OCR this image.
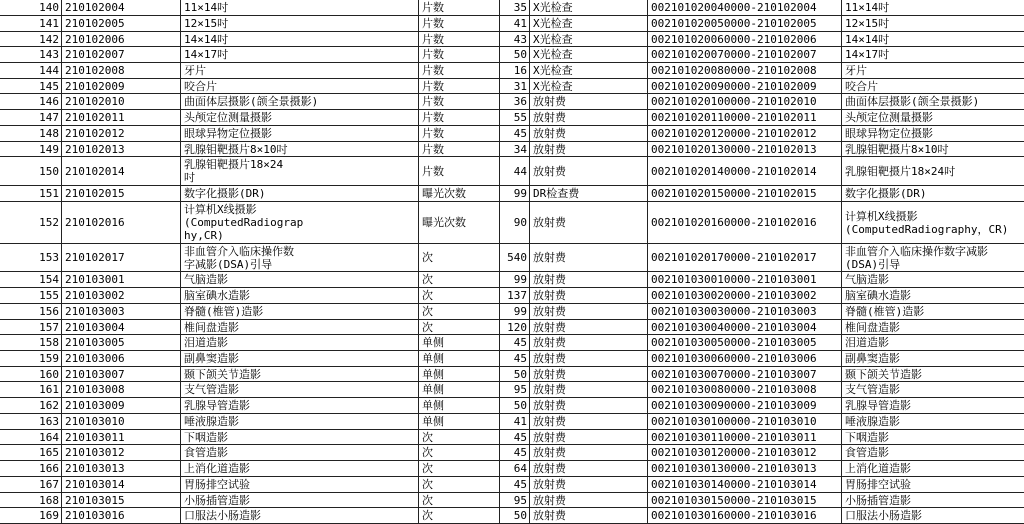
140 210102004	11×14吋	片数	35 X光检查	002101020040000-210102004	11×14吋
141 210102005	12×15吋	片数	41 X光检查	002101020050000-210102005	12×15吋
142 210102006	14×14吋	片数	43 X光检查	002101020060000-210102006	14×14吋
143 210102007	14×17吋	片数	50 X光检查	002101020070000-210102007	14×17吋
144 210102008	牙片	片数	16 X光检查	002101020080000-210102008	牙片
145 210102009	咬合片	片数	31 X光检查	002101020090000-210102009	咬合片
146 210102010	曲面体层摄影(颌全景摄影)	片数	36 放射费	002101020100000-210102010	曲面体层摄影(颌全景摄影)
147 210102011	头颅定位测量摄影	片数	55 放射费	002101020110000-210102011	头颅定位测量摄影
148 210102012	眼球异物定位摄影	片数	45 放射费	002101020120000-210102012	眼球异物定位摄影
149 210102013	乳腺钼靶摄片8×10吋	片数	34 放射费	002101020130000-210102013	乳腺钼靶摄片8×10吋
150 210102014	乳腺钼靶摄片18×24
吋	片数	44 放射费	002101020140000-210102014	乳腺钼靶摄片18×24吋
151 210102015	数字化摄影(DR)	曝光次数	99 DR检查费	002101020150000-210102015	数字化摄影(DR)
152 210102016
计算机X线摄影
(ComputedRadiograp
hy,CR)
曝光次数	90 放射费	002101020160000-210102016	计算机X线摄影
(ComputedRadiography，CR)
153 210102017	非血管介入临床操作数
字减影(DSA)引导	次	540 放射费	002101020170000-210102017	非血管介入临床操作数字减影
(DSA)引导
154 210103001	气脑造影	次	99 放射费	002101030010000-210103001	气脑造影
155 210103002	脑室碘水造影	次	137 放射费	002101030020000-210103002	脑室碘水造影
156 210103003	脊髓(椎管)造影	次	99 放射费	002101030030000-210103003	脊髓(椎管)造影
157 210103004	椎间盘造影	次	120 放射费	002101030040000-210103004	椎间盘造影
158 210103005	泪道造影	单侧	45 放射费	002101030050000-210103005	泪道造影
159 210103006	副鼻窦造影	单侧	45 放射费	002101030060000-210103006	副鼻窦造影
160 210103007	颞下颌关节造影	单侧	50 放射费	002101030070000-210103007	颞下颌关节造影
161 210103008	支气管造影	单侧	95 放射费	002101030080000-210103008	支气管造影
162 210103009	乳腺导管造影	单侧	50 放射费	002101030090000-210103009	乳腺导管造影
163 210103010	唾液腺造影	单侧	41 放射费	002101030100000-210103010	唾液腺造影
164 210103011	下咽造影	次	45 放射费	002101030110000-210103011	下咽造影
165 210103012	食管造影	次	45 放射费	002101030120000-210103012	食管造影
166 210103013	上消化道造影	次	64 放射费	002101030130000-210103013	上消化道造影
167 210103014	胃肠排空试验	次	45 放射费	002101030140000-210103014	胃肠排空试验
168 210103015	小肠插管造影	次	95 放射费	002101030150000-210103015	小肠插管造影
169 210103016	口服法小肠造影	次	50 放射费	002101030160000-210103016	口服法小肠造影
